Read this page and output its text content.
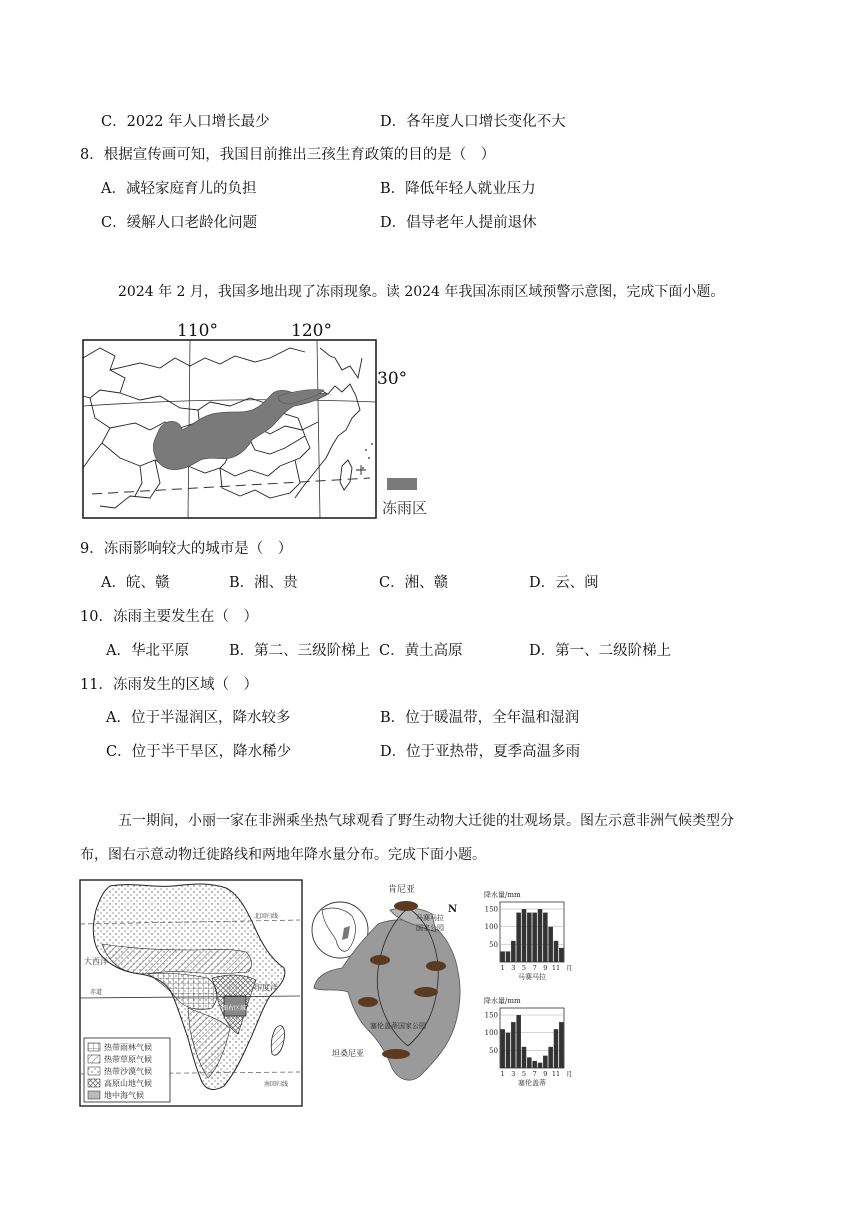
C．2022 年人口增长最少	D．各年度人口增长变化不大
8．根据宣传画可知，我国目前推出三孩生育政策的目的是（　）
A．减轻家庭育儿的负担	B．降低年轻人就业压力
C．缓解人口老龄化问题	D．倡导老年人提前退休
2024 年 2 月，我国多地出现了冻雨现象。读 2024 年我国冻雨区域预警示意图，完成下面小题。
110°	120°
30°
冻雨区
9．冻雨影响较大的城市是（　）
A．皖、赣	B．湘、贵	C．湘、赣	D．云、闽
10．冻雨主要发生在（　）
A．华北平原	B．第二、三级阶梯上 C．黄土高原	D．第一、二级阶梯上
11．冻雨发生的区域（　）
A．位于半湿润区，降水较多	B．位于暖温带，全年温和湿润
C．位于半干旱区，降水稀少	D．位于亚热带，夏季高温多雨
五一期间，小丽一家在非洲乘坐热气球观看了野生动物大迁徙的壮观场景。图左示意非洲气候类型分
布，图右示意动物迁徙路线和两地年降水量分布。完成下面小题。
图右区域
北回归线
赤道
南回归线
大西洋
印度洋
热带雨林气候
热带草原气候
热带沙漠气候
高原山地气候
地中海气候
肯尼亚
N
马赛马拉
国家公园
塞伦盖蒂国家公园
坦桑尼亚
降水量/mm
50
100
150
1 3 5 7 9 11 月
马赛马拉
降水量/mm
50
100
150
1 3 5 7 9 11 月
塞伦盖蒂
